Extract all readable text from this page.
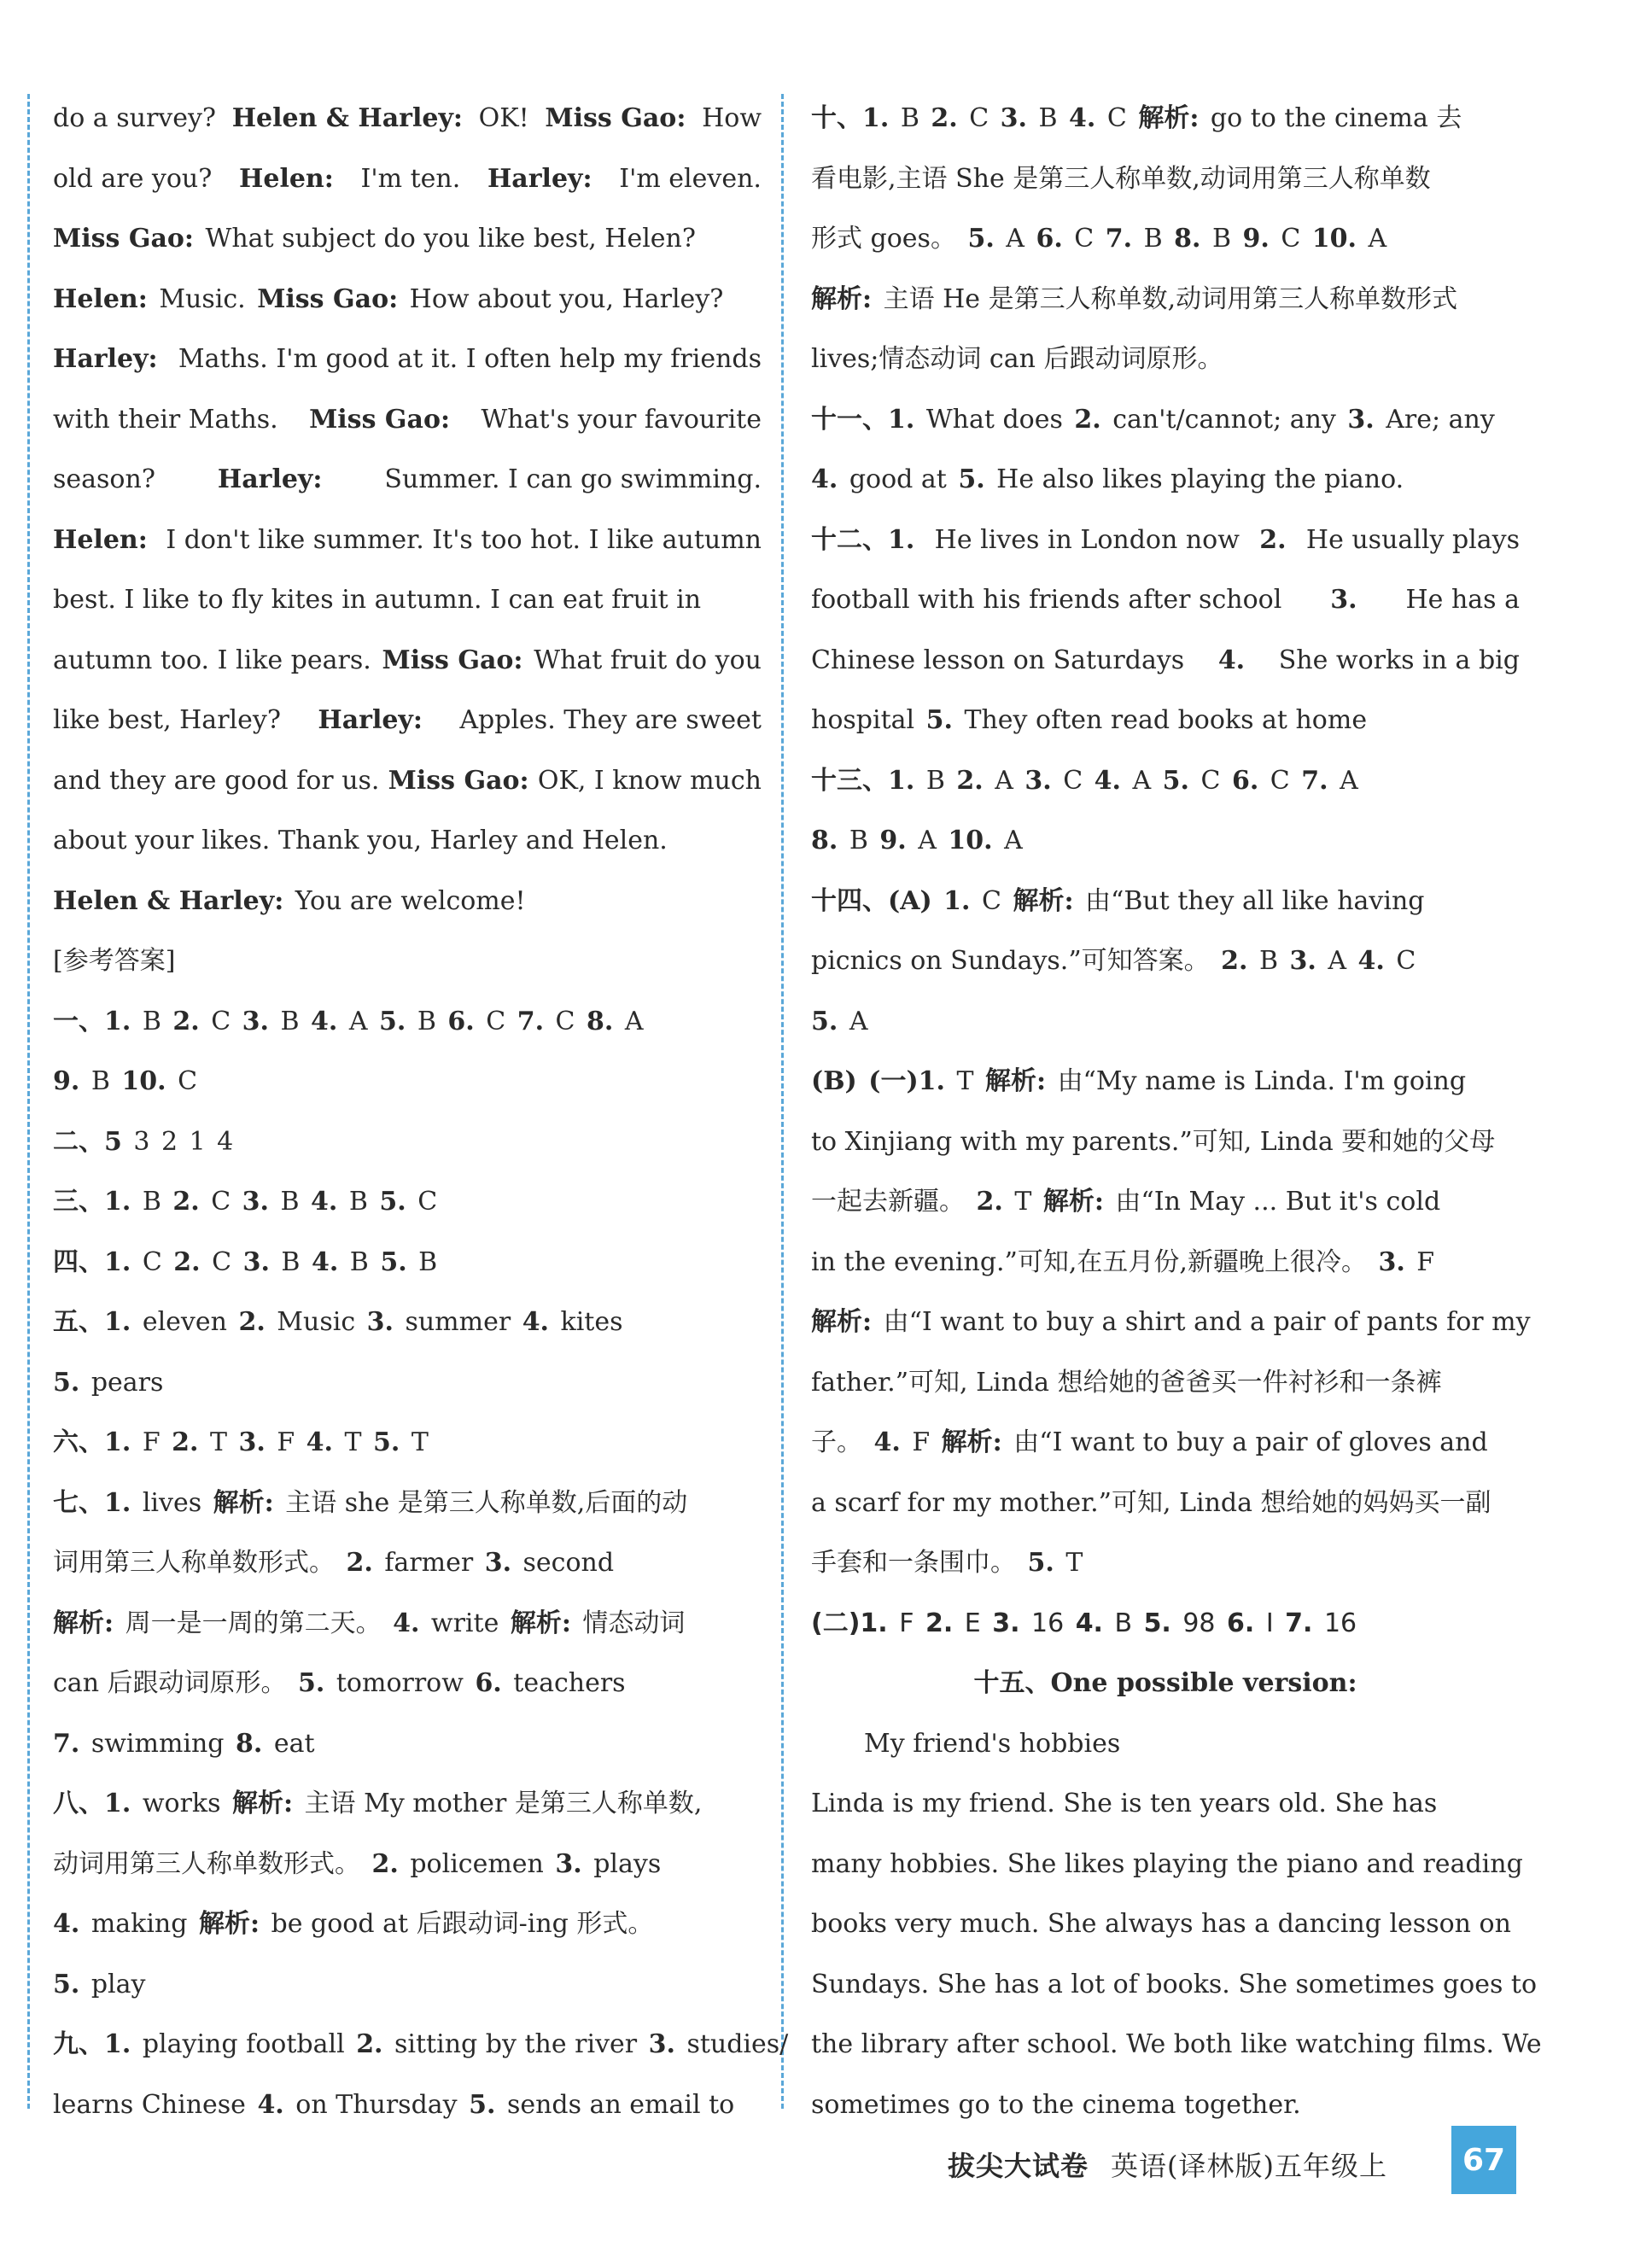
do a survey? Helen & Harley: OK! Miss Gao: How
old are you? Helen: I'm ten. Harley: I'm eleven.
Miss Gao: What subject do you like best, Helen?
Helen: Music. Miss Gao: How about you, Harley?
Harley: Maths. I'm good at it. I often help my friends
with their Maths. Miss Gao: What's your favourite
season? Harley: Summer. I can go swimming.
Helen: I don't like summer. It's too hot. I like autumn
best. I like to fly kites in autumn. I can eat fruit in
autumn too. I like pears. Miss Gao: What fruit do you
like best, Harley? Harley: Apples. They are sweet
and they are good for us. Miss Gao: OK, I know much
about your likes. Thank you, Harley and Helen.
Helen & Harley: You are welcome!
[参考答案]
一、1. B 2. C 3. B 4. A 5. B 6. C 7. C 8. A
9. B 10. C
二、5 3 2 1 4
三、1. B 2. C 3. B 4. B 5. C
四、1. C 2. C 3. B 4. B 5. B
五、1. eleven 2. Music 3. summer 4. kites
5. pears
六、1. F 2. T 3. F 4. T 5. T
七、1. lives 解析: 主语 she 是第三人称单数,后面的动
词用第三人称单数形式。 2. farmer 3. second
解析: 周一是一周的第二天。 4. write 解析: 情态动词
can 后跟动词原形。 5. tomorrow 6. teachers
7. swimming 8. eat
八、1. works 解析: 主语 My mother 是第三人称单数,
动词用第三人称单数形式。 2. policemen 3. plays
4. making 解析: be good at 后跟动词-ing 形式。
5. play
九、1. playing football 2. sitting by the river 3. studies/
learns Chinese 4. on Thursday 5. sends an email to
十、1. B 2. C 3. B 4. C 解析: go to the cinema 去
看电影,主语 She 是第三人称单数,动词用第三人称单数
形式 goes。 5. A 6. C 7. B 8. B 9. C 10. A
解析: 主语 He 是第三人称单数,动词用第三人称单数形式
lives;情态动词 can 后跟动词原形。
十一、1. What does 2. can't/cannot; any 3. Are; any
4. good at 5. He also likes playing the piano.
十二、1. He lives in London now 2. He usually plays
football with his friends after school 3. He has a
Chinese lesson on Saturdays 4. She works in a big
hospital 5. They often read books at home
十三、1. B 2. A 3. C 4. A 5. C 6. C 7. A
8. B 9. A 10. A
十四、(A) 1. C 解析: 由“But they all like having
picnics on Sundays.”可知答案。 2. B 3. A 4. C
5. A
(B) (一)1. T 解析: 由“My name is Linda. I'm going
to Xinjiang with my parents.”可知, Linda 要和她的父母
一起去新疆。 2. T 解析: 由“In May ... But it's cold
in the evening.”可知,在五月份,新疆晚上很冷。 3. F
解析: 由“I want to buy a shirt and a pair of pants for my
father.”可知, Linda 想给她的爸爸买一件衬衫和一条裤
子。 4. F 解析: 由“I want to buy a pair of gloves and
a scarf for my mother.”可知, Linda 想给她的妈妈买一副
手套和一条围巾。 5. T
(二)1. F 2. E 3. 16 4. B 5. 98 6. I 7. 16
十五、One possible version:
My friend's hobbies
Linda is my friend. She is ten years old. She has
many hobbies. She likes playing the piano and reading
books very much. She always has a dancing lesson on
Sundays. She has a lot of books. She sometimes goes to
the library after school. We both like watching films. We
sometimes go to the cinema together.
拔尖大试卷 英语(译林版)五年级上	67
